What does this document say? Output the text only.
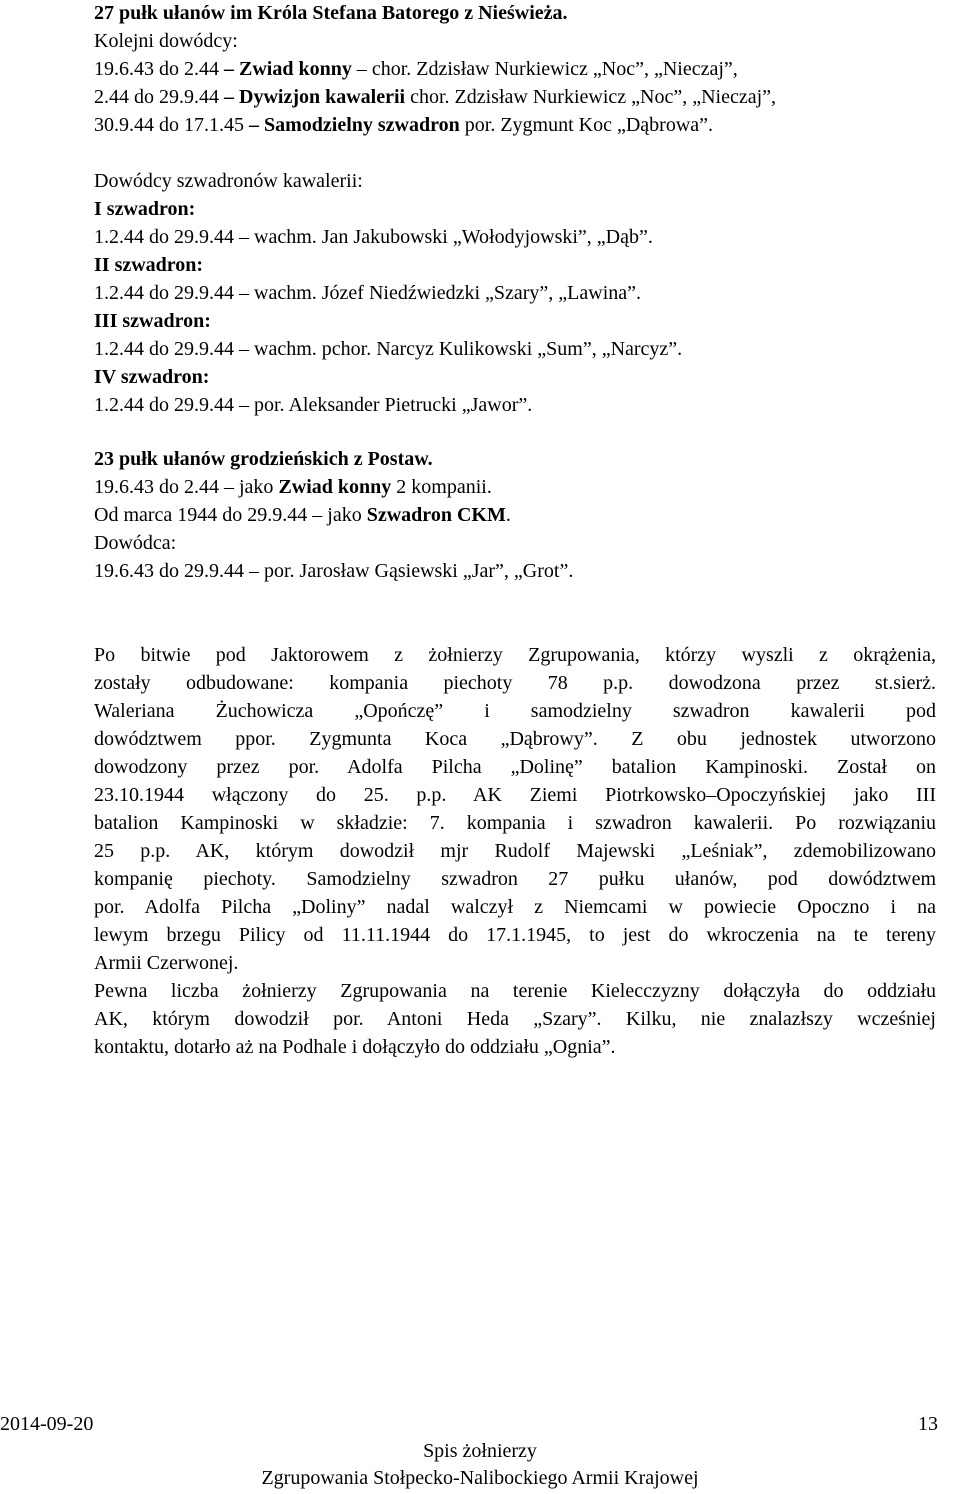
27 pułk ułanów im Króla Stefana Batorego z Nieświeża.
Kolejni dowódcy:
19.6.43 do 2.44 – Zwiad konny – chor. Zdzisław Nurkiewicz „Noc”, „Nieczaj”,
2.44 do 29.9.44 – Dywizjon kawalerii chor. Zdzisław Nurkiewicz „Noc”, „Nieczaj”,
30.9.44 do 17.1.45 – Samodzielny szwadron por. Zygmunt Koc „Dąbrowa”.
Dowódcy szwadronów kawalerii:
I szwadron:
1.2.44 do 29.9.44 – wachm. Jan Jakubowski „Wołodyjowski”, „Dąb”.
II szwadron:
1.2.44 do 29.9.44 – wachm. Józef Niedźwiedzki „Szary”, „Lawina”.
III szwadron:
1.2.44 do 29.9.44 – wachm. pchor. Narcyz Kulikowski „Sum”, „Narcyz”.
IV szwadron:
1.2.44 do 29.9.44 – por. Aleksander Pietrucki „Jawor”.
23 pułk ułanów grodzieńskich z Postaw.
19.6.43 do 2.44 – jako Zwiad konny 2 kompanii.
Od marca 1944 do 29.9.44 – jako Szwadron CKM.
Dowódca:
19.6.43 do 29.9.44 – por. Jarosław Gąsiewski „Jar”, „Grot”.
Po bitwie pod Jaktorowem z żołnierzy Zgrupowania, którzy wyszli z okrążenia,
zostały odbudowane: kompania piechoty 78 p.p. dowodzona przez st.sierż.
Waleriana Żuchowicza „Opończę” i samodzielny szwadron kawalerii pod
dowództwem ppor. Zygmunta Koca „Dąbrowy”. Z obu jednostek utworzono
dowodzony przez por. Adolfa Pilcha „Dolinę” batalion Kampinoski. Został on
23.10.1944 włączony do 25. p.p. AK Ziemi Piotrkowsko–Opoczyńskiej jako III
batalion Kampinoski w składzie: 7. kompania i szwadron kawalerii. Po rozwiązaniu
25 p.p. AK, którym dowodził mjr Rudolf Majewski „Leśniak”, zdemobilizowano
kompanię piechoty. Samodzielny szwadron 27 pułku ułanów, pod dowództwem
por. Adolfa Pilcha „Doliny” nadal walczył z Niemcami w powiecie Opoczno i na
lewym brzegu Pilicy od 11.11.1944 do 17.1.1945, to jest do wkroczenia na te tereny
Armii Czerwonej.
Pewna liczba żołnierzy Zgrupowania na terenie Kielecczyzny dołączyła do oddziału
AK, którym dowodził por. Antoni Heda „Szary”. Kilku, nie znalazłszy wcześniej
kontaktu, dotarło aż na Podhale i dołączyło do oddziału „Ognia”.
2014-09-20	13
Spis żołnierzy
Zgrupowania Stołpecko-Nalibockiego Armii Krajowej
